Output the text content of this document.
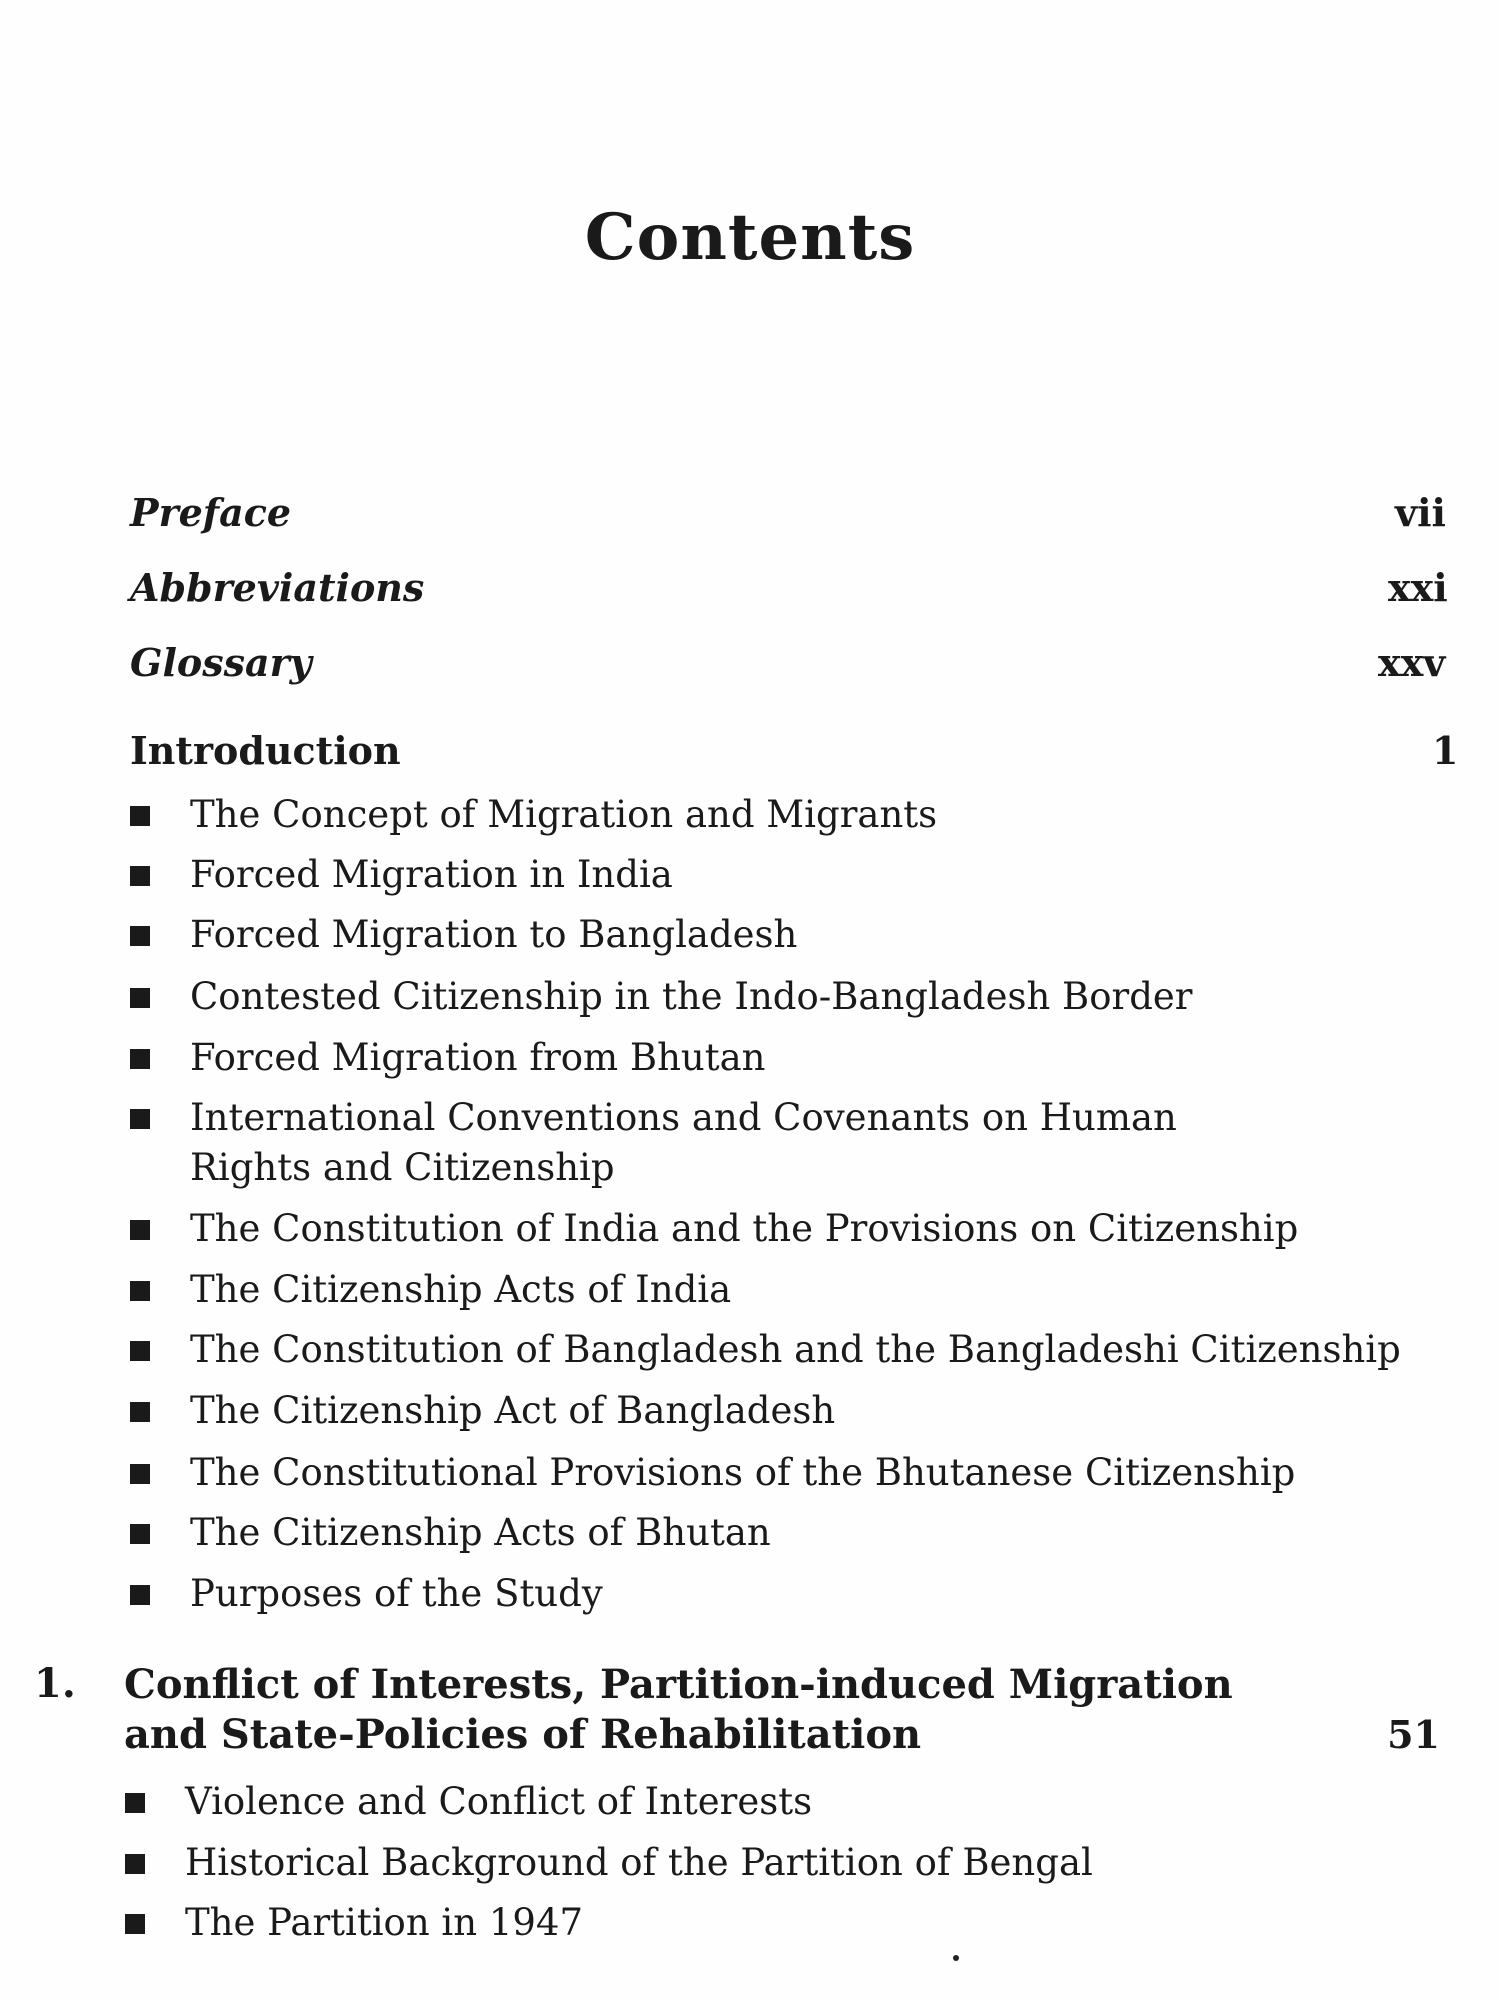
Contents
Preface	vii
Abbreviations	xxi
Glossary	xxv
Introduction	1
The Concept of Migration and Migrants
Forced Migration in India
Forced Migration to Bangladesh
Contested Citizenship in the Indo-Bangladesh Border
Forced Migration from Bhutan
International Conventions and Covenants on Human Rights and Citizenship
The Constitution of India and the Provisions on Citizenship
The Citizenship Acts of India
The Constitution of Bangladesh and the Bangladeshi Citizenship
The Citizenship Act of Bangladesh
The Constitutional Provisions of the Bhutanese Citizenship
The Citizenship Acts of Bhutan
Purposes of the Study
1. Conflict of Interests, Partition-induced Migration and State-Policies of Rehabilitation	51
Violence and Conflict of Interests
Historical Background of the Partition of Bengal
The Partition in 1947
